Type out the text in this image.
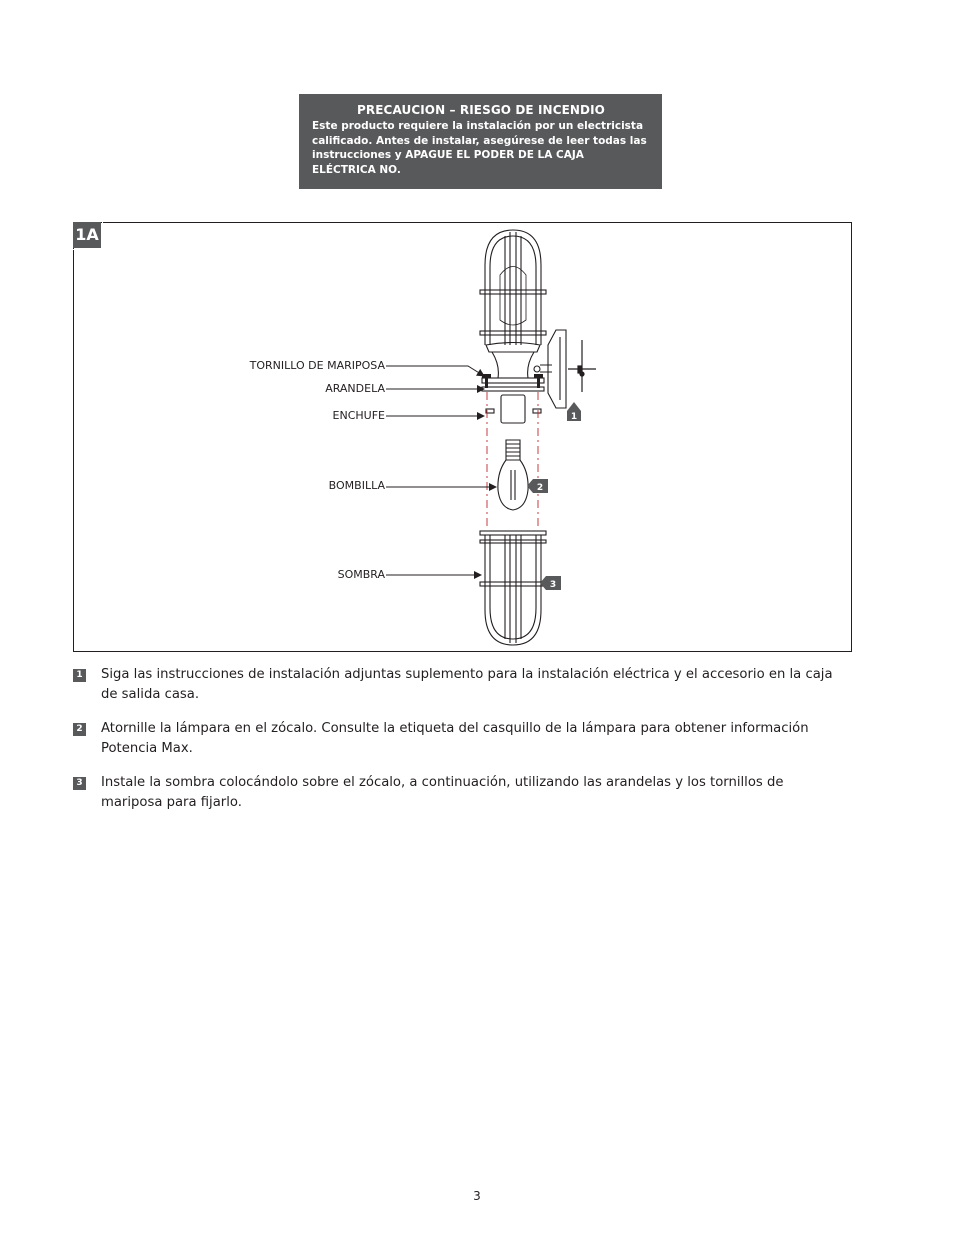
PRECAUCION – RIESGO DE INCENDIO
Este producto requiere la instalación por un electricista
calificado. Antes de instalar, asegúrese de leer todas las
instrucciones y APAGUE EL PODER DE LA CAJA
ELÉCTRICA NO.
1A
1
2
3
TORNILLO DE MARIPOSA
ARANDELA
ENCHUFE
BOMBILLA
SOMBRA
1 Siga las instrucciones de instalación adjuntas suplemento para la instalación eléctrica y el accesorio en la caja de salida casa.
2 Atornille la lámpara en el zócalo. Consulte la etiqueta del casquillo de la lámpara para obtener información Potencia Max.
3 Instale la sombra colocándolo sobre el zócalo, a continuación, utilizando las arandelas y los tornillos de mariposa para fijarlo.
3
